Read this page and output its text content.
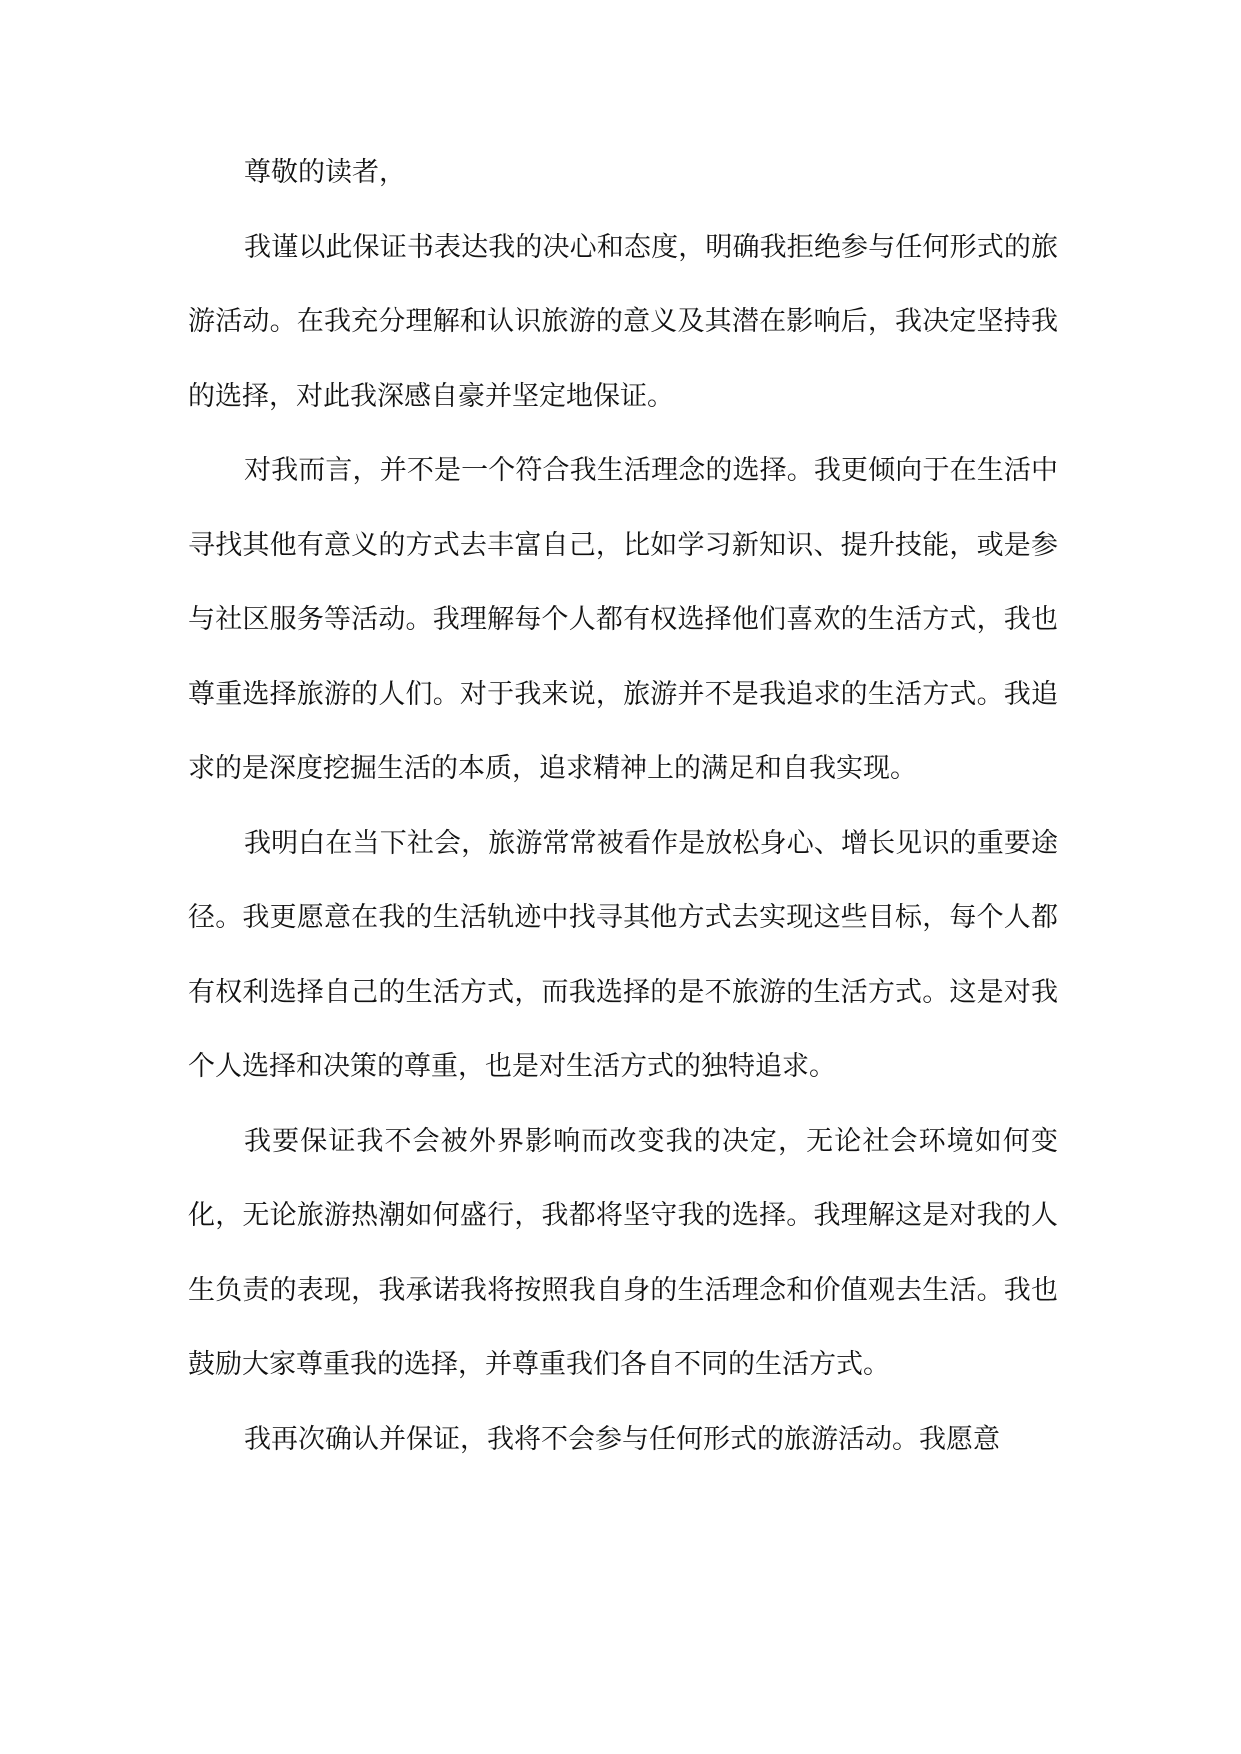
尊敬的读者，

我谨以此保证书表达我的决心和态度，明确我拒绝参与任何形式的旅游活动。在我充分理解和认识旅游的意义及其潜在影响后，我决定坚持我的选择，对此我深感自豪并坚定地保证。

对我而言，并不是一个符合我生活理念的选择。我更倾向于在生活中寻找其他有意义的方式去丰富自己，比如学习新知识、提升技能，或是参与社区服务等活动。我理解每个人都有权选择他们喜欢的生活方式，我也尊重选择旅游的人们。对于我来说，旅游并不是我追求的生活方式。我追求的是深度挖掘生活的本质，追求精神上的满足和自我实现。

我明白在当下社会，旅游常常被看作是放松身心、增长见识的重要途径。我更愿意在我的生活轨迹中找寻其他方式去实现这些目标，每个人都有权利选择自己的生活方式，而我选择的是不旅游的生活方式。这是对我个人选择和决策的尊重，也是对生活方式的独特追求。

我要保证我不会被外界影响而改变我的决定，无论社会环境如何变化，无论旅游热潮如何盛行，我都将坚守我的选择。我理解这是对我的人生负责的表现，我承诺我将按照我自身的生活理念和价值观去生活。我也鼓励大家尊重我的选择，并尊重我们各自不同的生活方式。

我再次确认并保证，我将不会参与任何形式的旅游活动。我愿意
